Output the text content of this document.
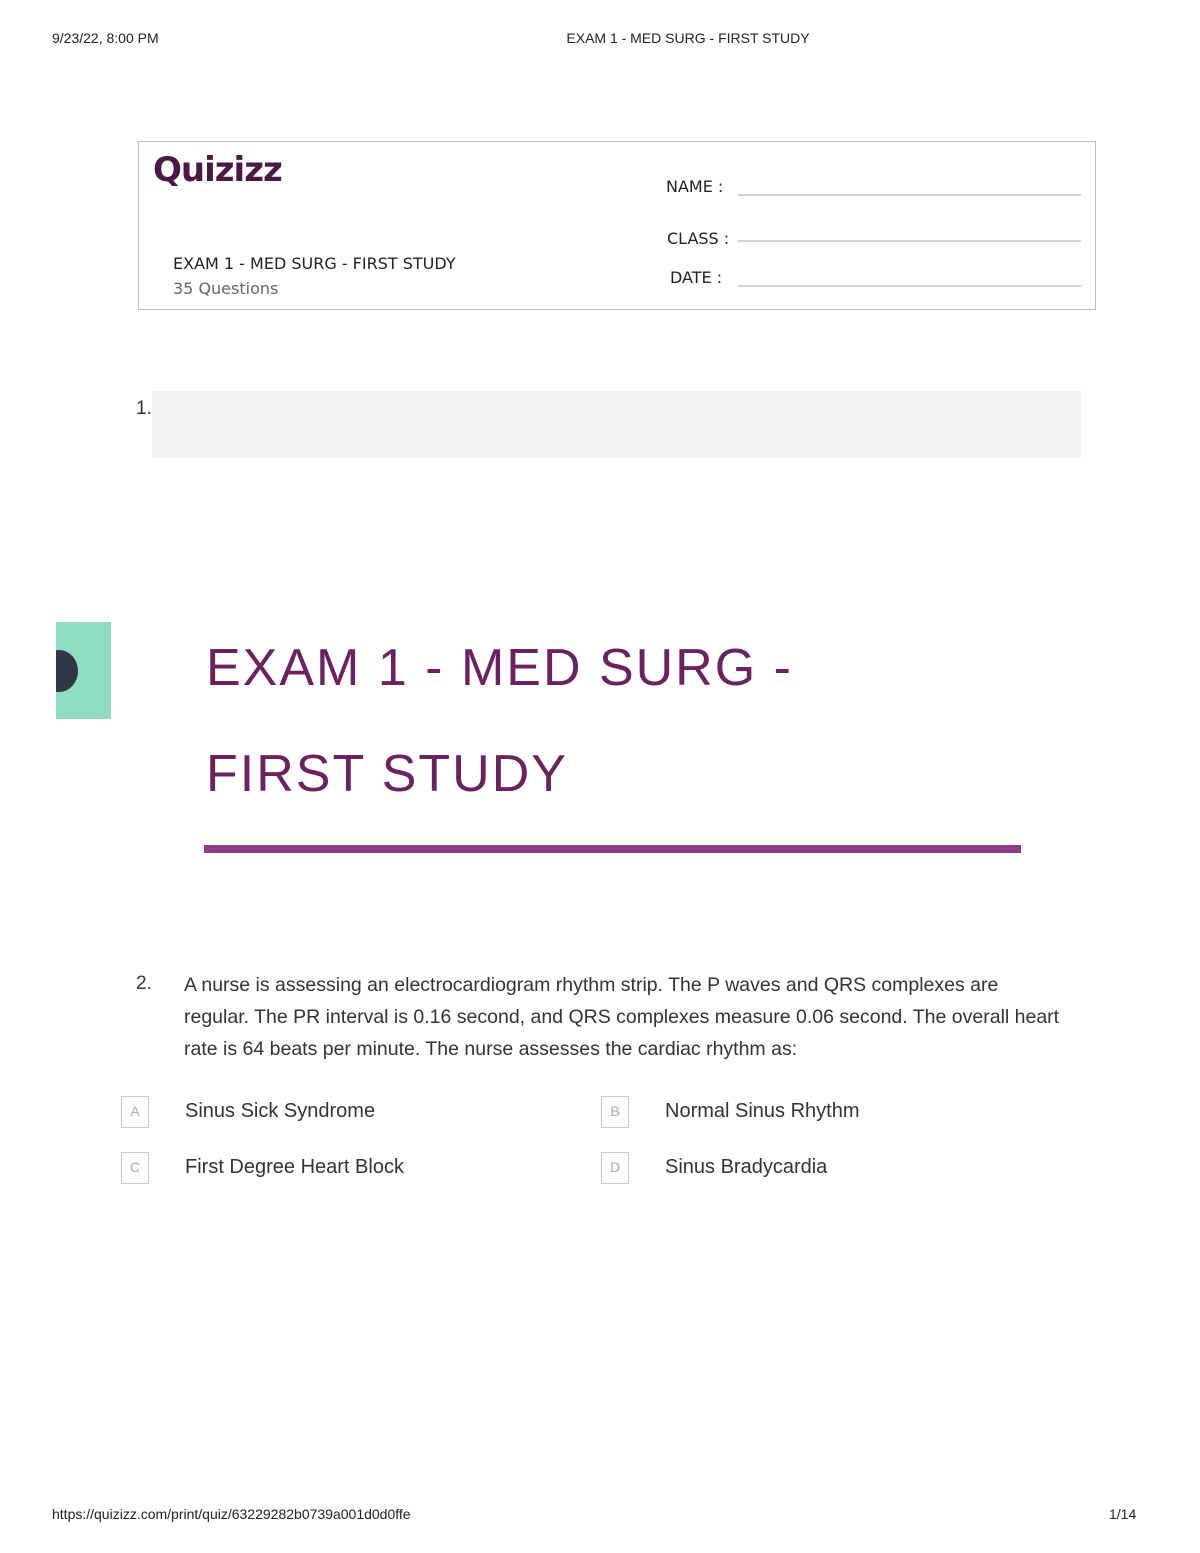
9/23/22, 8:00 PM	EXAM 1 - MED SURG - FIRST STUDY
Quizizz
EXAM 1 - MED SURG - FIRST STUDY
35 Questions
NAME :
CLASS :
DATE :
1.
EXAM 1 - MED SURG -
FIRST STUDY
2. A nurse is assessing an electrocardiogram rhythm strip. The P waves and QRS complexes are regular. The PR interval is 0.16 second, and QRS complexes measure 0.06 second. The overall heart rate is 64 beats per minute. The nurse assesses the cardiac rhythm as:
A	Sinus Sick Syndrome	B	Normal Sinus Rhythm
C	First Degree Heart Block	D	Sinus Bradycardia
https://quizizz.com/print/quiz/63229282b0739a001d0d0ffe	1/14
